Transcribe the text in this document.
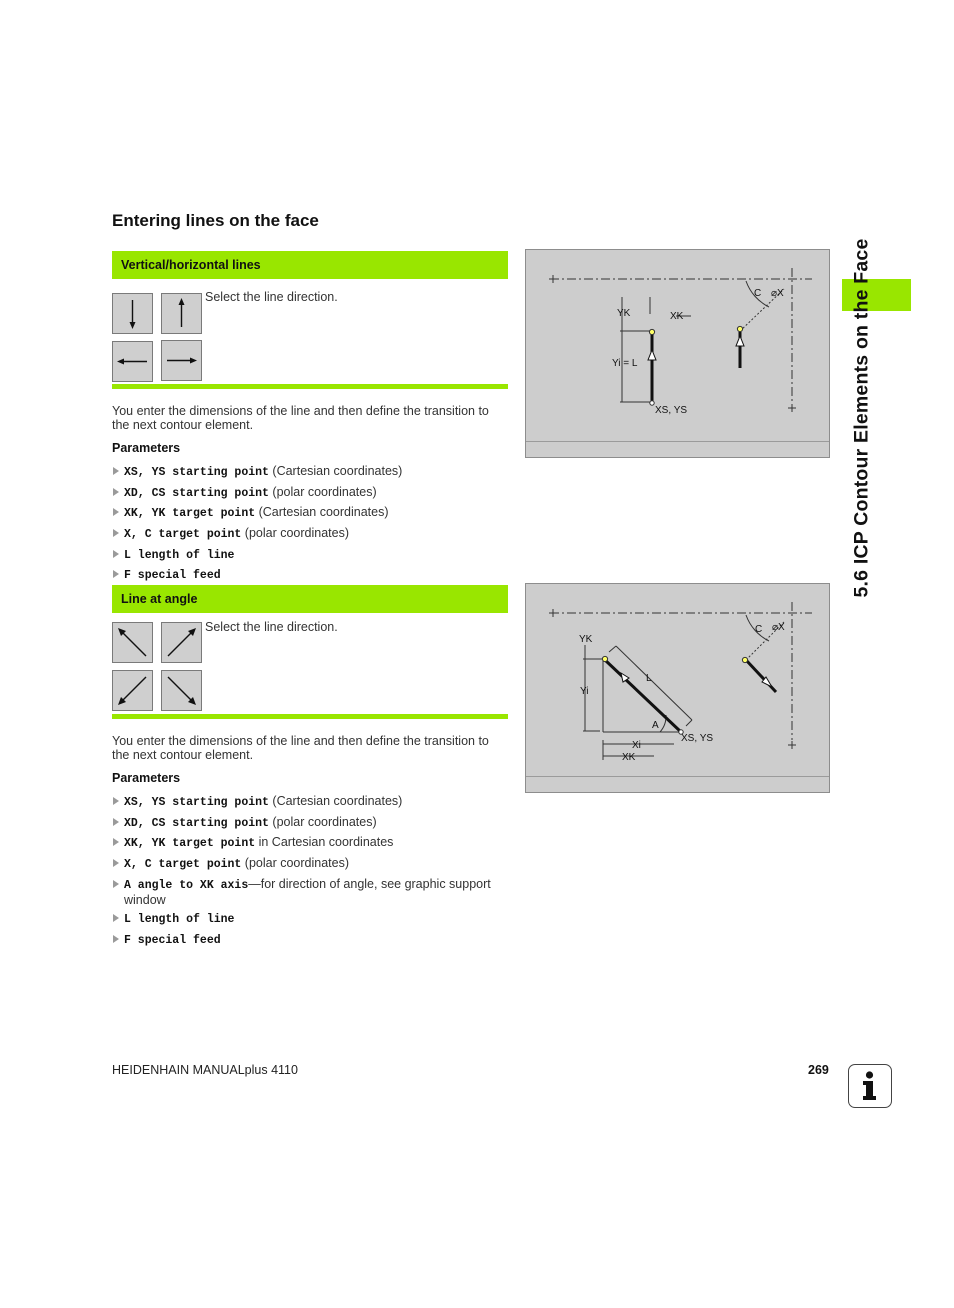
5.6 ICP Contour Elements on the Face
Entering lines on the face
Vertical/horizontal lines
Select the line direction.
You enter the dimensions of the line and then define the transition to the next contour element.
Parameters
XS, YS starting point (Cartesian coordinates)
XD, CS starting point (polar coordinates)
XK, YK target point (Cartesian coordinates)
X, C target point (polar coordinates)
L length of line
F special feed
C ⌀X
YK	XK
Yi = L
XS, YS
Line at angle
Select the line direction.
You enter the dimensions of the line and then define the transition to the next contour element.
Parameters
XS, YS starting point (Cartesian coordinates)
XD, CS starting point (polar coordinates)
XK, YK target point in Cartesian coordinates
X, C target point (polar coordinates)
A angle to XK axis—for direction of angle, see graphic support window
L length of line
F special feed
C ⌀X
YK
L
Yi
A
Xi
XK
XS, YS
HEIDENHAIN MANUALplus 4110	269
